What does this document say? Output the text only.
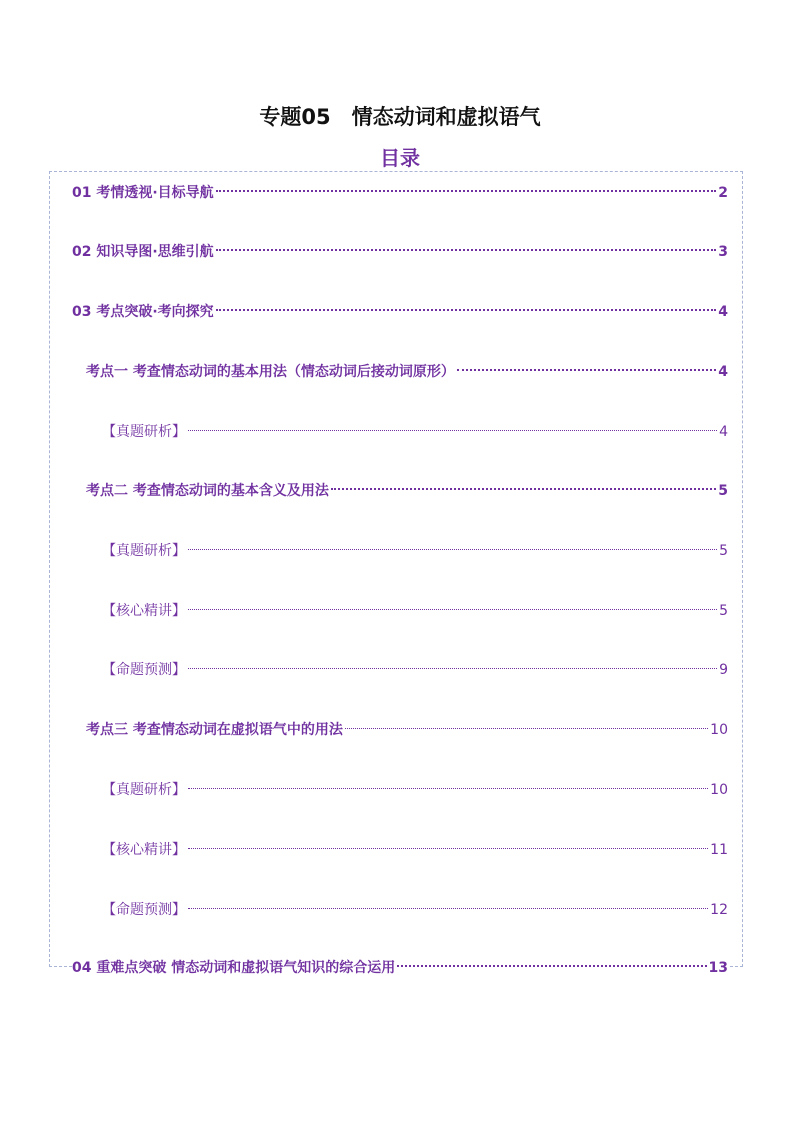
专题05　情态动词和虚拟语气
目录
01 考情透视·目标导航	2
02 知识导图·思维引航	3
03 考点突破·考向探究	4
考点一 考查情态动词的基本用法（情态动词后接动词原形）	4
【真题研析】	4
考点二 考查情态动词的基本含义及用法	5
【真题研析】	5
【核心精讲】	5
【命题预测】	9
考点三 考查情态动词在虚拟语气中的用法	10
【真题研析】	10
【核心精讲】	11
【命题预测】	12
04 重难点突破 情态动词和虚拟语气知识的综合运用	13
